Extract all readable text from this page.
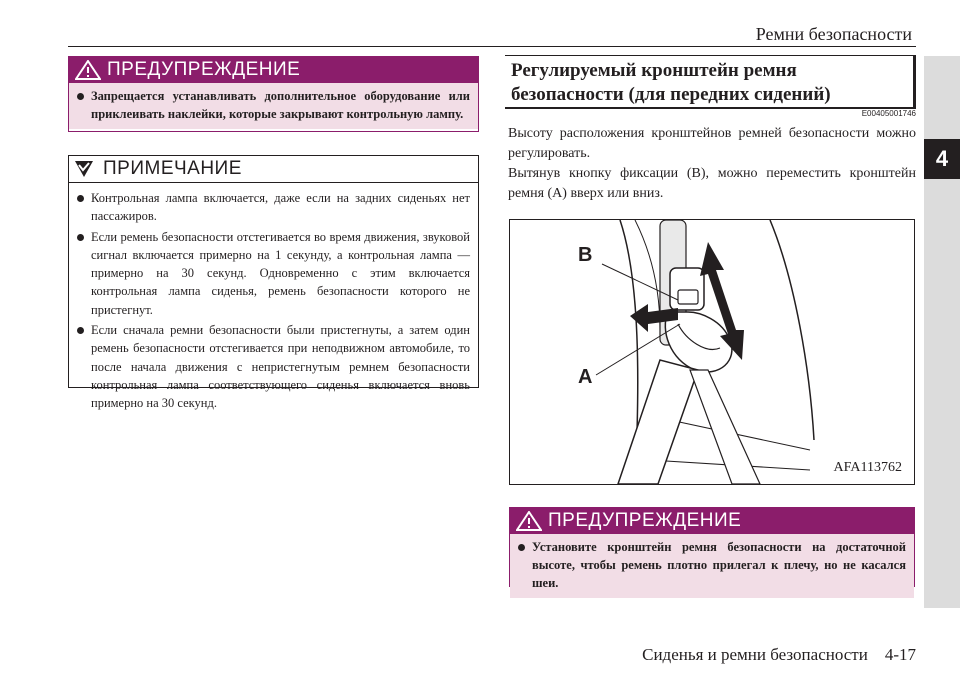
Ремни безопасности
4
ПРЕДУПРЕЖДЕНИЕ
Запрещается устанавливать дополнительное оборудование или приклеивать наклейки, которые закрывают контрольную лампу.
ПРИМЕЧАНИЕ
Контрольная лампа включается, даже если на задних сиденьях нет пассажиров.
Если ремень безопасности отстегивается во время движения, звуковой сигнал включается примерно на 1 секунду, а контрольная лампа — примерно на 30 секунд. Одновременно с этим включается контрольная лампа сиденья, ремень безопасности которого не пристегнут.
Если сначала ремни безопасности были пристегнуты, а затем один ремень безопасности отстегивается при неподвижном автомобиле, то после начала движения с непристегнутым ремнем безопасности контрольная лампа соответствующего сиденья включается вновь примерно на 30 секунд.
Регулируемый кронштейн ремня
безопасности (для передних сидений)
E00405001746
Высоту расположения кронштейнов ремней безопасности можно регулировать.
Вытянув кнопку фиксации (B), можно переместить кронштейн ремня (A) вверх или вниз.
B
A
AFA113762
ПРЕДУПРЕЖДЕНИЕ
Установите кронштейн ремня безопасности на достаточной высоте, чтобы ремень плотно прилегал к плечу, но не касался шеи.
Сиденья и ремни безопасности    4-17
